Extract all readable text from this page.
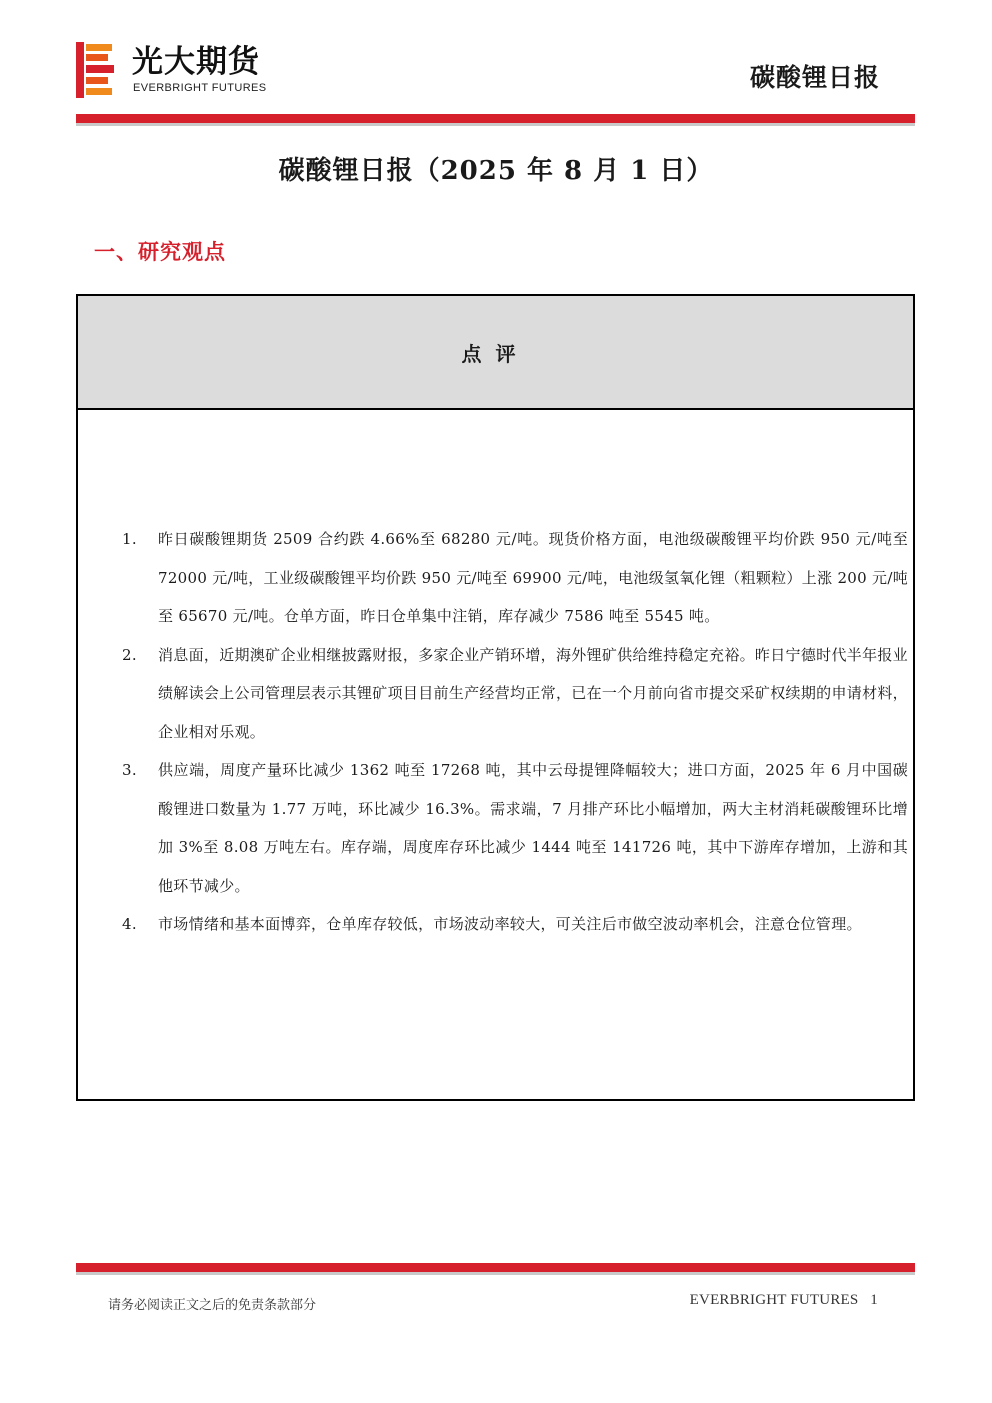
光大期货
EVERBRIGHT FUTURES	碳酸锂日报
碳酸锂日报（2025 年 8 月 1 日）
一、研究观点
点评
1. 昨日碳酸锂期货 2509 合约跌 4.66%至 68280 元/吨。现货价格方面，电池级碳酸锂平均价跌 950 元/吨至 72000 元/吨，工业级碳酸锂平均价跌 950 元/吨至 69900 元/吨，电池级氢氧化锂（粗颗粒）上涨 200 元/吨至 65670 元/吨。仓单方面，昨日仓单集中注销，库存减少 7586 吨至 5545 吨。
2. 消息面，近期澳矿企业相继披露财报，多家企业产销环增，海外锂矿供给维持稳定充裕。昨日宁德时代半年报业绩解读会上公司管理层表示其锂矿项目目前生产经营均正常，已在一个月前向省市提交采矿权续期的申请材料，企业相对乐观。
3. 供应端，周度产量环比减少 1362 吨至 17268 吨，其中云母提锂降幅较大；进口方面，2025 年 6 月中国碳酸锂进口数量为 1.77 万吨，环比减少 16.3%。需求端，7 月排产环比小幅增加，两大主材消耗碳酸锂环比增加 3%至 8.08 万吨左右。库存端，周度库存环比减少 1444 吨至 141726 吨，其中下游库存增加，上游和其他环节减少。
4. 市场情绪和基本面博弈，仓单库存较低，市场波动率较大，可关注后市做空波动率机会，注意仓位管理。
请务必阅读正文之后的免责条款部分	EVERBRIGHT FUTURES 1
